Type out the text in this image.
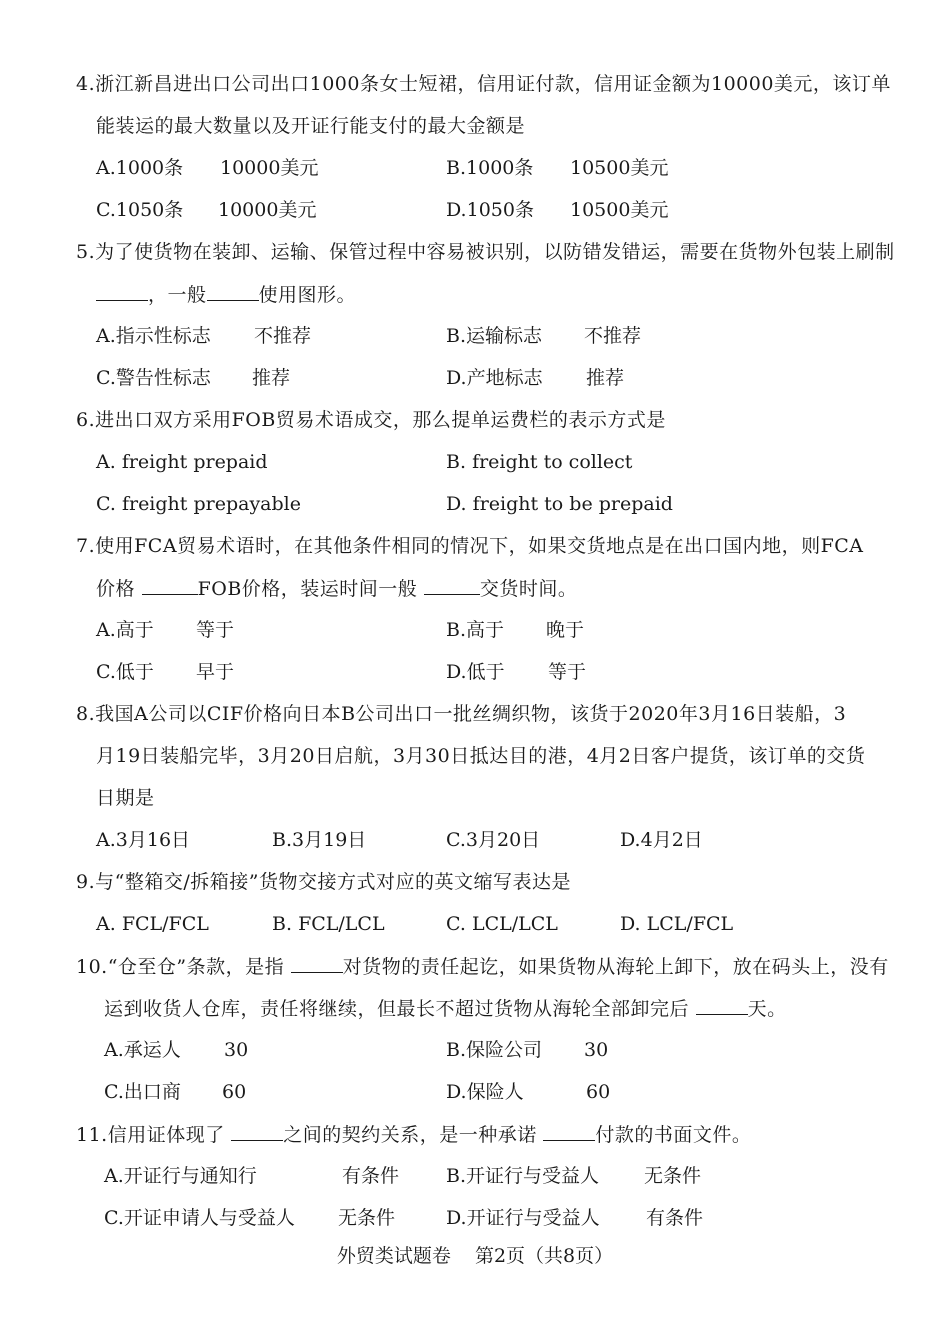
4.浙江新昌进出口公司出口1000条女士短裙，信用证付款，信用证金额为10000美元，该订单
能装运的最大数量以及开证行能支付的最大金额是
A.1000条 10000美元	B.1000条 10500美元
C.1050条 10000美元	D.1050条 10500美元
5.为了使货物在装卸、运输、保管过程中容易被识别，以防错发错运，需要在货物外包装上刷制
，一般	使用图形。
A.指示性标志 不推荐	B.运输标志 不推荐
C.警告性标志 推荐	D.产地标志 推荐
6.进出口双方采用FOB贸易术语成交，那么提单运费栏的表示方式是
A. freight prepaid	B. freight to collect
C. freight prepayable	D. freight to be prepaid
7.使用FCA贸易术语时，在其他条件相同的情况下，如果交货地点是在出口国内地，则FCA
价格	FOB价格，装运时间一般	交货时间。
A.高于 等于	B.高于 晚于
C.低于 早于	D.低于 等于
8.我国A公司以CIF价格向日本B公司出口一批丝绸织物，该货于2020年3月16日装船，3
月19日装船完毕，3月20日启航，3月30日抵达目的港，4月2日客户提货，该订单的交货
日期是
A.3月16日	B.3月19日	C.3月20日	D.4月2日
9.与“整箱交/拆箱接”货物交接方式对应的英文缩写表达是
A. FCL/FCL	B. FCL/LCL	C. LCL/LCL	D. LCL/FCL
10.“仓至仓”条款，是指	对货物的责任起讫，如果货物从海轮上卸下，放在码头上，没有
运到收货人仓库，责任将继续，但最长不超过货物从海轮全部卸完后	天。
A.承运人 30	B.保险公司 30
C.出口商 60	D.保险人	60
11.信用证体现了	之间的契约关系，是一种承诺	付款的书面文件。
A.开证行与通知行	有条件 B.开证行与受益人 无条件
C.开证申请人与受益人 无条件	D.开证行与受益人 有条件
外贸类试题卷 第2页（共8页）
